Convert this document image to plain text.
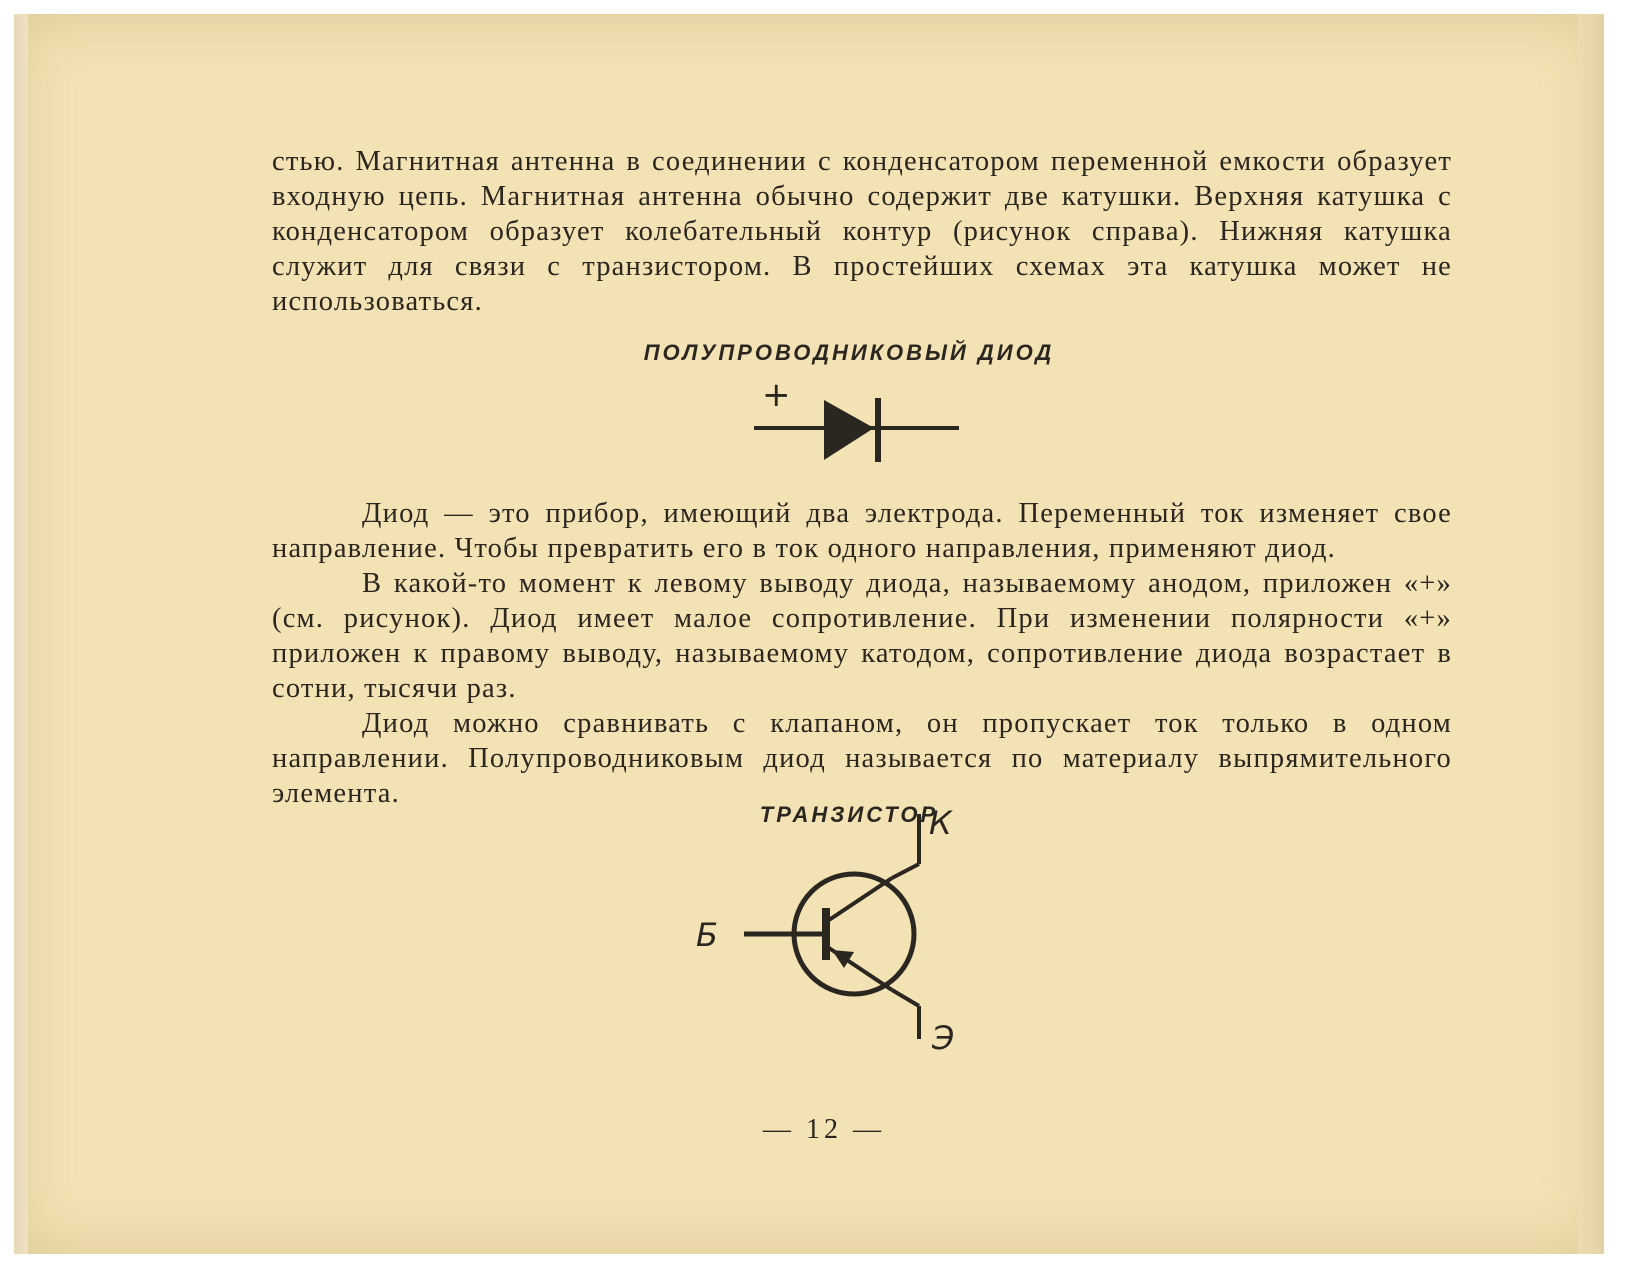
стью. Магнитная антенна в соединении с конденсатором переменной емкости образует входную цепь. Магнитная антенна обычно содержит две катушки. Верхняя катушка с конденсатором образует колебательный контур (рисунок справа). Нижняя катушка служит для связи с транзистором. В простейших схемах эта катушка может не использоваться.

ПОЛУПРОВОДНИКОВЫЙ ДИОД
+

Диод — это прибор, имеющий два электрода. Переменный ток изменяет свое направление. Чтобы превратить его в ток одного направления, применяют диод.

В какой-то момент к левому выводу диода, называемому анодом, приложен «+» (см. рисунок). Диод имеет малое сопротивление. При изменении полярности «+» приложен к правому выводу, называемому катодом, сопротивление диода возрастает в сотни, тысячи раз.

Диод можно сравнивать с клапаном, он пропускает ток только в одном направлении. Полупроводниковым диод называется по материалу выпрямительного элемента.

ТРАНЗИСТОР
Б
К
Э
— 12 —
